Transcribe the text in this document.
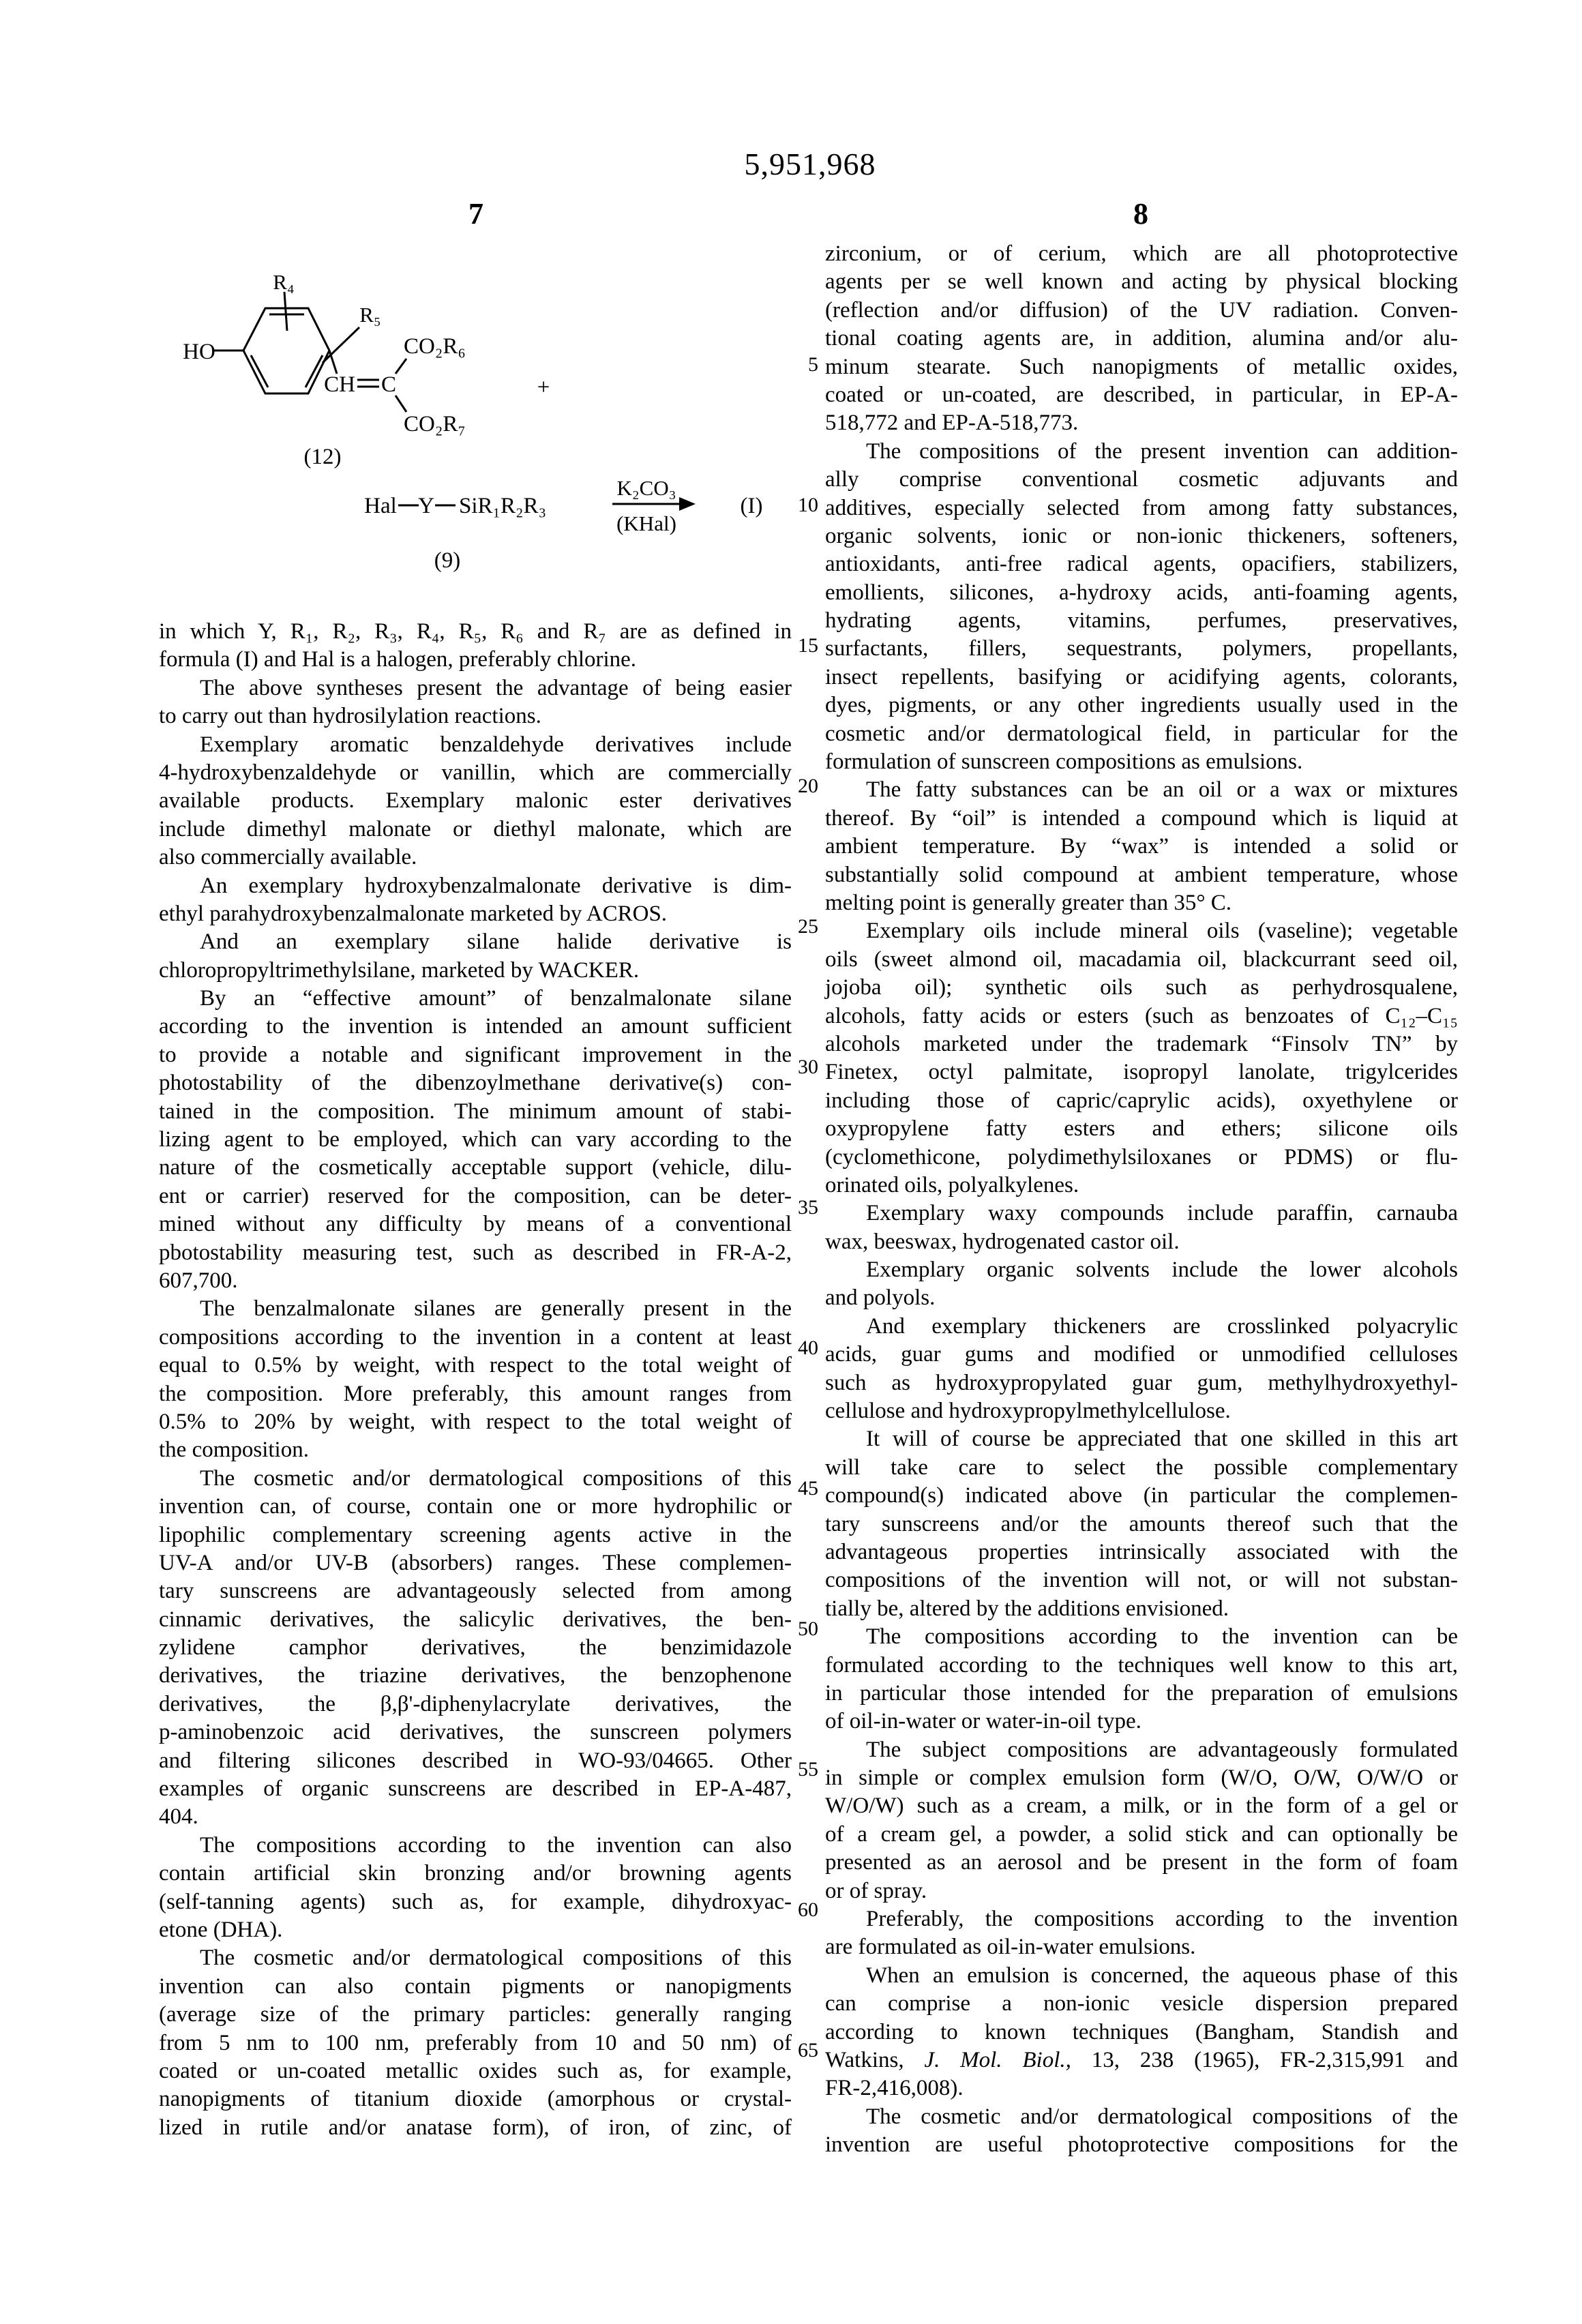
5,951,968
7	8
HO
R₄
R₅
CH C
CO₂R₆
CO₂R₇
+
(12)
Hal Y SiR₁R₂R₃
K₂CO₃
(KHal)
(I)
(9)
in which Y, R₁, R₂, R₃, R₄, R₅, R₆ and R₇ are as defined in
formula (I) and Hal is a halogen, preferably chlorine.
The above syntheses present the advantage of being easier
to carry out than hydrosilylation reactions.
Exemplary aromatic benzaldehyde derivatives include
4-hydroxybenzaldehyde or vanillin, which are commercially
available products. Exemplary malonic ester derivatives
include dimethyl malonate or diethyl malonate, which are
also commercially available.
An exemplary hydroxybenzalmalonate derivative is dim-
ethyl parahydroxybenzalmalonate marketed by ACROS.
And an exemplary silane halide derivative is
chloropropyltrimethylsilane, marketed by WACKER.
By an “effective amount” of benzalmalonate silane
according to the invention is intended an amount sufficient
to provide a notable and significant improvement in the
photostability of the dibenzoylmethane derivative(s) con-
tained in the composition. The minimum amount of stabi-
lizing agent to be employed, which can vary according to the
nature of the cosmetically acceptable support (vehicle, dilu-
ent or carrier) reserved for the composition, can be deter-
mined without any difficulty by means of a conventional
pbotostability measuring test, such as described in FR-A-2,
607,700.
The benzalmalonate silanes are generally present in the
compositions according to the invention in a content at least
equal to 0.5% by weight, with respect to the total weight of
the composition. More preferably, this amount ranges from
0.5% to 20% by weight, with respect to the total weight of
the composition.
The cosmetic and/or dermatological compositions of this
invention can, of course, contain one or more hydrophilic or
lipophilic complementary screening agents active in the
UV-A and/or UV-B (absorbers) ranges. These complemen-
tary sunscreens are advantageously selected from among
cinnamic derivatives, the salicylic derivatives, the ben-
zylidene camphor derivatives, the benzimidazole
derivatives, the triazine derivatives, the benzophenone
derivatives, the β,β'-diphenylacrylate derivatives, the
p-aminobenzoic acid derivatives, the sunscreen polymers
and filtering silicones described in WO-93/04665. Other
examples of organic sunscreens are described in EP-A-487,
404.
The compositions according to the invention can also
contain artificial skin bronzing and/or browning agents
(self-tanning agents) such as, for example, dihydroxyac-
etone (DHA).
The cosmetic and/or dermatological compositions of this
invention can also contain pigments or nanopigments
(average size of the primary particles: generally ranging
from 5 nm to 100 nm, preferably from 10 and 50 nm) of
coated or un-coated metallic oxides such as, for example,
nanopigments of titanium dioxide (amorphous or crystal-
lized in rutile and/or anatase form), of iron, of zinc, of
zirconium, or of cerium, which are all photoprotective
agents per se well known and acting by physical blocking
(reflection and/or diffusion) of the UV radiation. Conven-
tional coating agents are, in addition, alumina and/or alu-
minum stearate. Such nanopigments of metallic oxides,
coated or un-coated, are described, in particular, in EP-A-
518,772 and EP-A-518,773.
The compositions of the present invention can addition-
ally comprise conventional cosmetic adjuvants and
additives, especially selected from among fatty substances,
organic solvents, ionic or non-ionic thickeners, softeners,
antioxidants, anti-free radical agents, opacifiers, stabilizers,
emollients, silicones, a-hydroxy acids, anti-foaming agents,
hydrating agents, vitamins, perfumes, preservatives,
surfactants, fillers, sequestrants, polymers, propellants,
insect repellents, basifying or acidifying agents, colorants,
dyes, pigments, or any other ingredients usually used in the
cosmetic and/or dermatological field, in particular for the
formulation of sunscreen compositions as emulsions.
The fatty substances can be an oil or a wax or mixtures
thereof. By “oil” is intended a compound which is liquid at
ambient temperature. By “wax” is intended a solid or
substantially solid compound at ambient temperature, whose
melting point is generally greater than 35° C.
Exemplary oils include mineral oils (vaseline); vegetable
oils (sweet almond oil, macadamia oil, blackcurrant seed oil,
jojoba oil); synthetic oils such as perhydrosqualene,
alcohols, fatty acids or esters (such as benzoates of C₁₂–C₁₅
alcohols marketed under the trademark “Finsolv TN” by
Finetex, octyl palmitate, isopropyl lanolate, trigylcerides
including those of capric/caprylic acids), oxyethylene or
oxypropylene fatty esters and ethers; silicone oils
(cyclomethicone, polydimethylsiloxanes or PDMS) or flu-
orinated oils, polyalkylenes.
Exemplary waxy compounds include paraffin, carnauba
wax, beeswax, hydrogenated castor oil.
Exemplary organic solvents include the lower alcohols
and polyols.
And exemplary thickeners are crosslinked polyacrylic
acids, guar gums and modified or unmodified celluloses
such as hydroxypropylated guar gum, methylhydroxyethyl-
cellulose and hydroxypropylmethylcellulose.
It will of course be appreciated that one skilled in this art
will take care to select the possible complementary
compound(s) indicated above (in particular the complemen-
tary sunscreens and/or the amounts thereof such that the
advantageous properties intrinsically associated with the
compositions of the invention will not, or will not substan-
tially be, altered by the additions envisioned.
The compositions according to the invention can be
formulated according to the techniques well know to this art,
in particular those intended for the preparation of emulsions
of oil-in-water or water-in-oil type.
The subject compositions are advantageously formulated
in simple or complex emulsion form (W/O, O/W, O/W/O or
W/O/W) such as a cream, a milk, or in the form of a gel or
of a cream gel, a powder, a solid stick and can optionally be
presented as an aerosol and be present in the form of foam
or of spray.
Preferably, the compositions according to the invention
are formulated as oil-in-water emulsions.
When an emulsion is concerned, the aqueous phase of this
can comprise a non-ionic vesicle dispersion prepared
according to known techniques (Bangham, Standish and
Watkins, J. Mol. Biol., 13, 238 (1965), FR-2,315,991 and
FR-2,416,008).
The cosmetic and/or dermatological compositions of the
invention are useful photoprotective compositions for the
5
10
15
20
25
30
35
40
45
50
55
60
65
